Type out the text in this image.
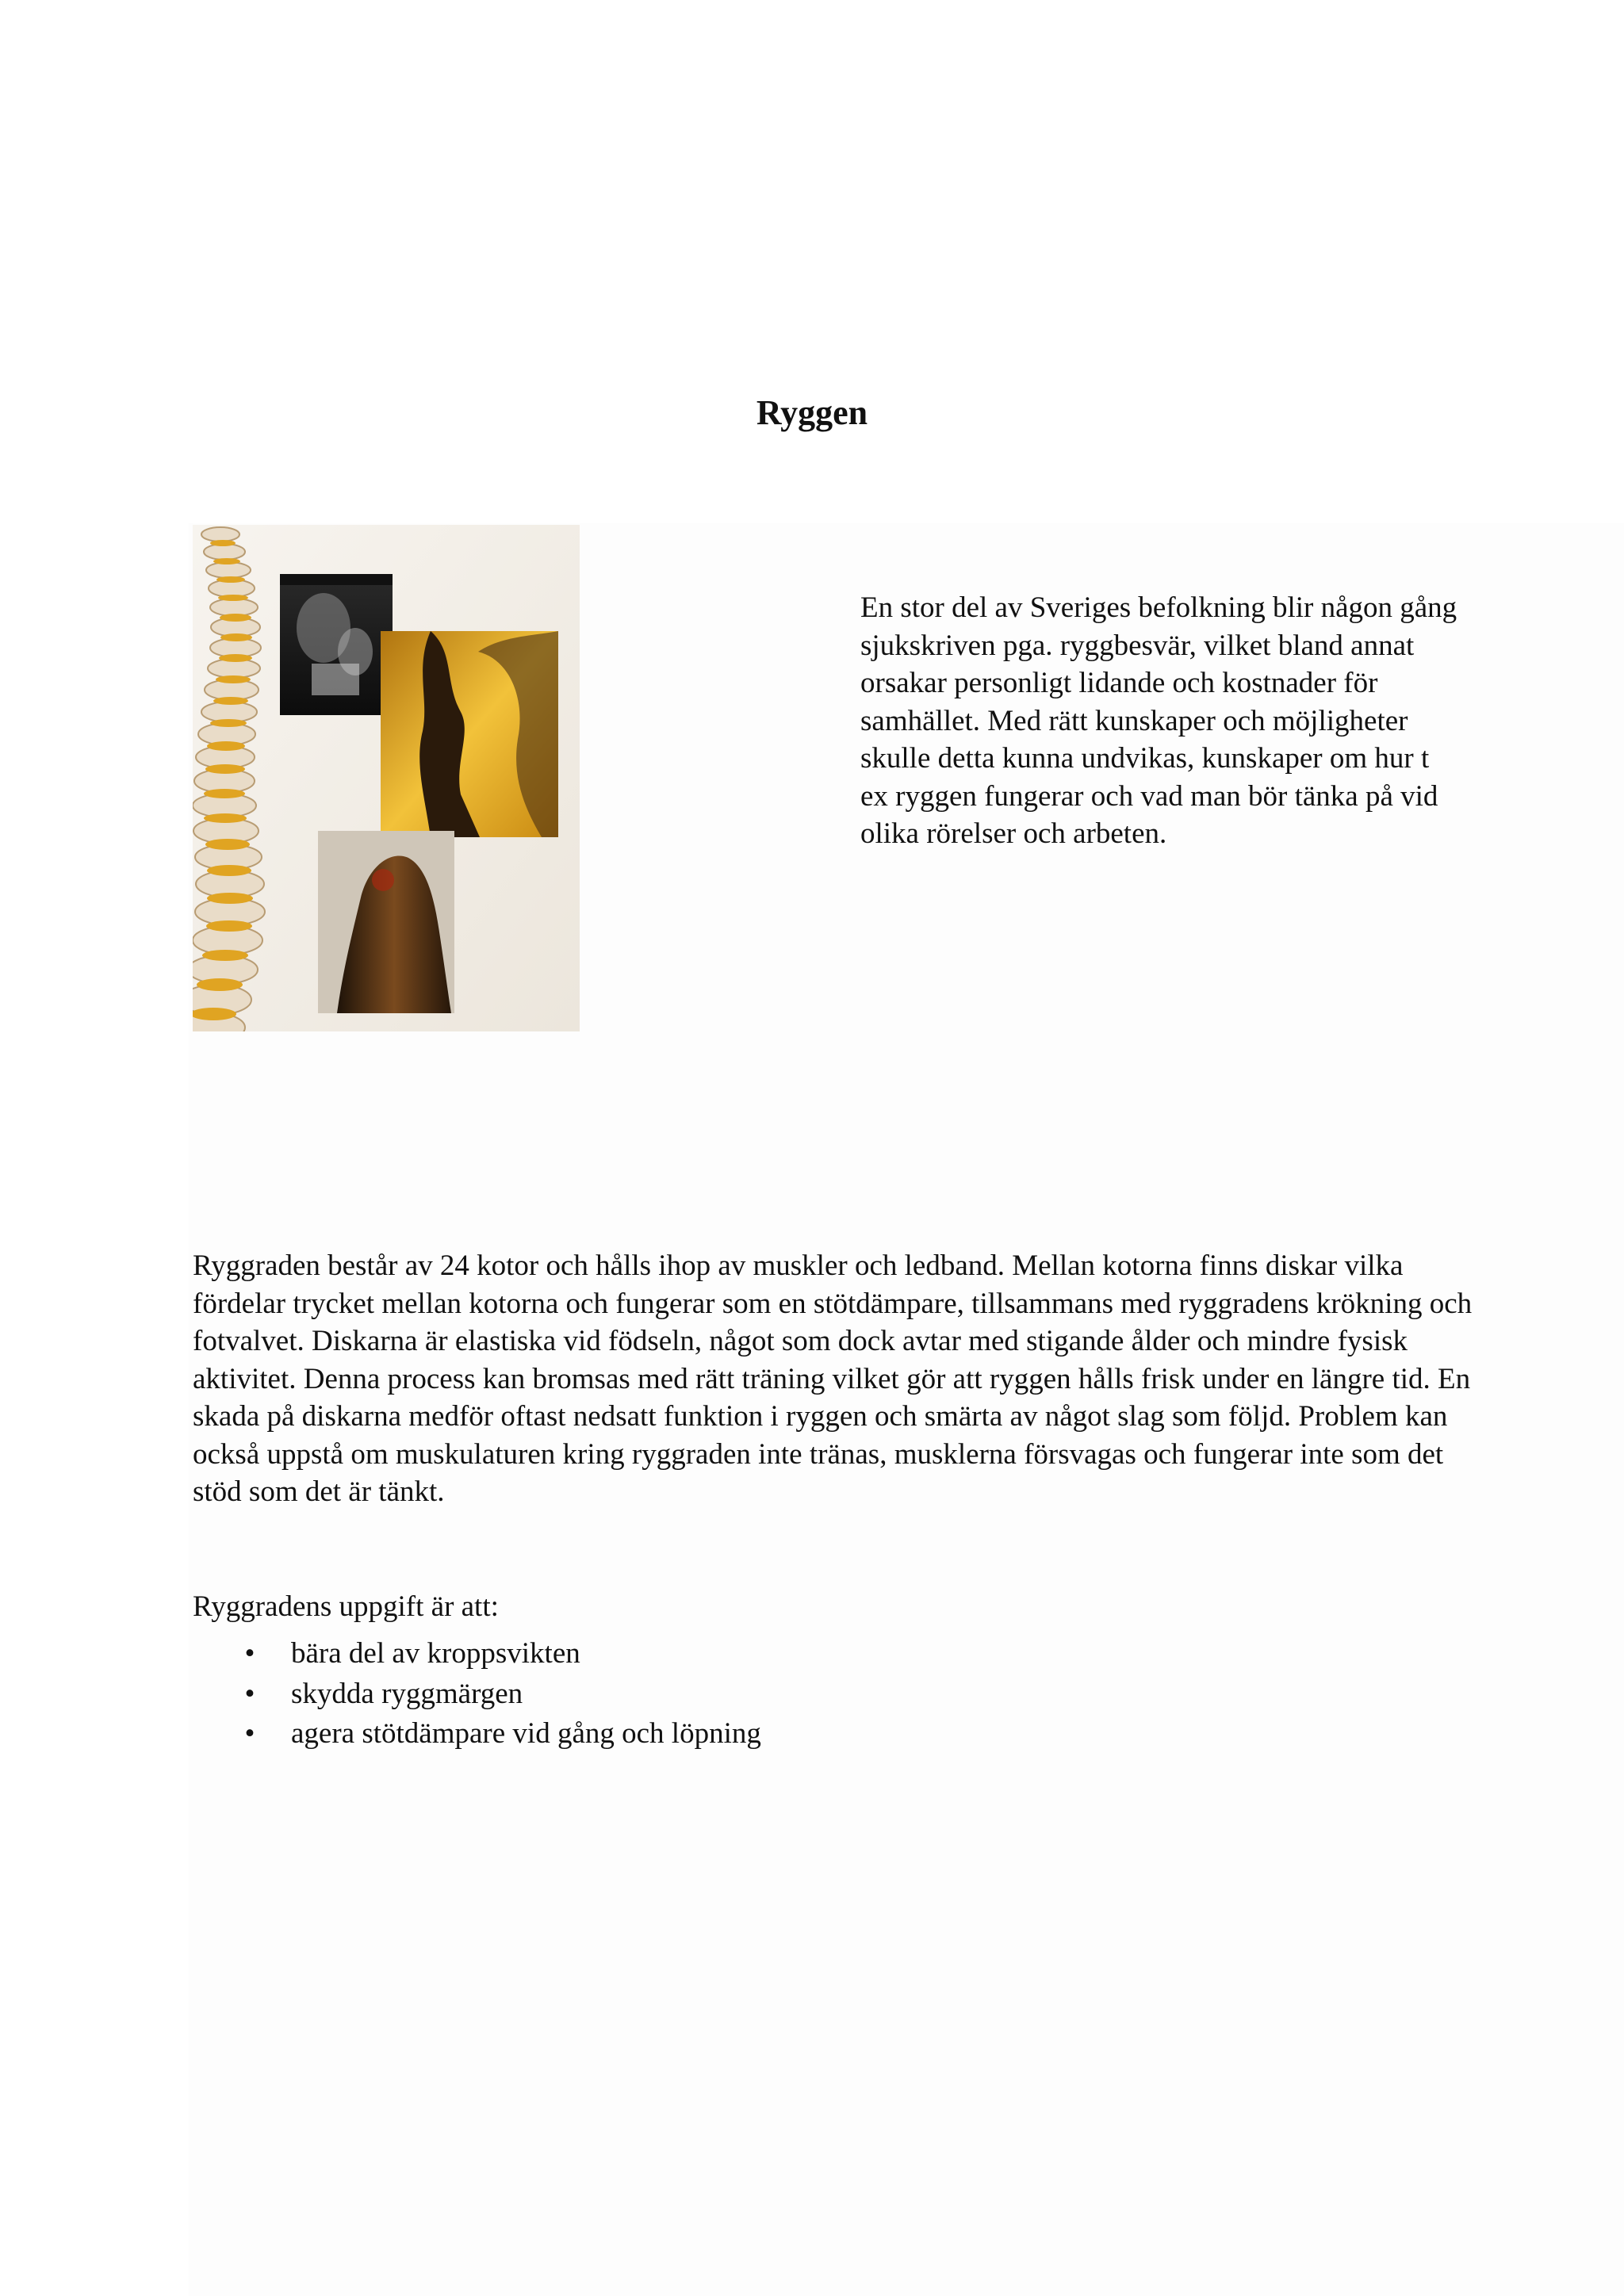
Ryggen

En stor del av Sveriges befolkning blir någon gång sjukskriven pga. ryggbesvär, vilket bland annat orsakar personligt lidande och kostnader för samhället. Med rätt kunskaper och möjligheter skulle detta kunna undvikas, kunskaper om hur t ex ryggen fungerar och vad man bör tänka på vid olika rörelser och arbeten.

Ryggraden består av 24 kotor och hålls ihop av muskler och ledband. Mellan kotorna finns diskar vilka fördelar trycket mellan kotorna och fungerar som en stötdämpare, tillsammans med ryggradens krökning och fotvalvet. Diskarna är elastiska vid födseln, något som dock avtar med stigande ålder och mindre fysisk aktivitet. Denna process kan bromsas med rätt träning vilket gör att ryggen hålls frisk under en längre tid. En skada på diskarna medför oftast nedsatt funktion i ryggen och smärta av något slag som följd. Problem kan också uppstå om muskulaturen kring ryggraden inte tränas, musklerna försvagas och fungerar inte som det stöd som det är tänkt.

Ryggradens uppgift är att:

• bära del av kroppsvikten
• skydda ryggmärgen
• agera stötdämpare vid gång och löpning
